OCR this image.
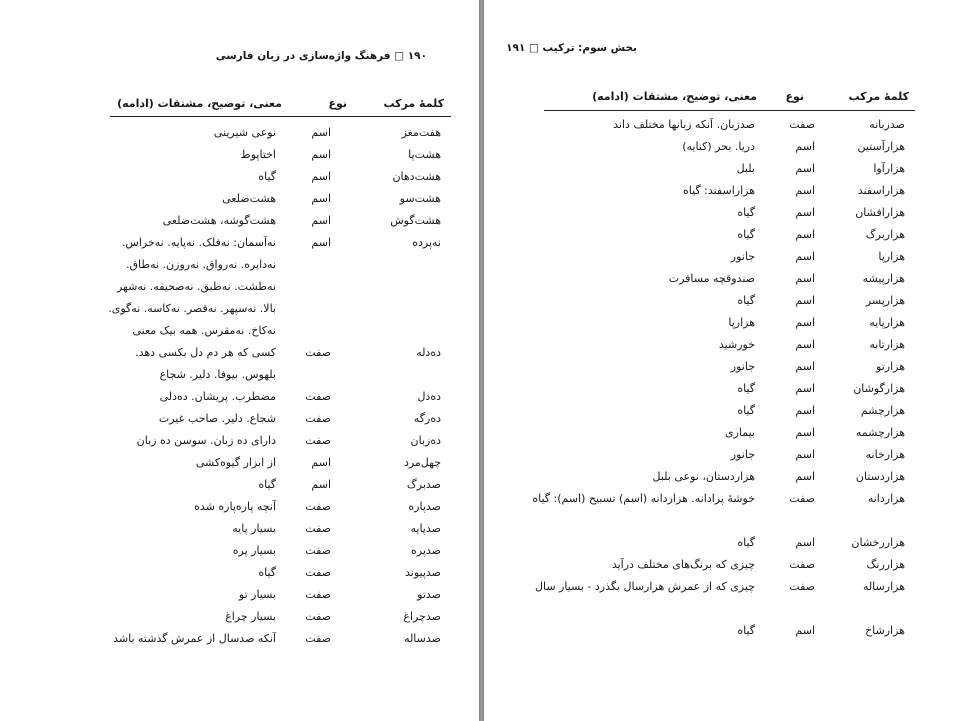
۱۹۰ □ فرهنگ واژه‌سازی در زبان فارسی
کلمهٔ مرکب
نوع
معنی، توضیح، مشتقات (ادامه)
هفت‌مغز
اسم
نوعی شیرینی
هشت‌پا
اسم
اختاپوط
هشت‌دهان
اسم
گیاه
هشت‌سو
اسم
هشت‌ضلعی
هشت‌گوش
اسم
هشت‌گوشه، هشت‌ضلعی
نه‌پرده
اسم
نه‌آسمان: نه‌فلک. نه‌پایه. نه‌خراس. نه‌دایره. نه‌رواق. نه‌روزن. نه‌طاق. نه‌طشت. نه‌طبق. نه‌صحیفه. نه‌شهر بالا. نه‌سپهر. نه‌قصر. نه‌کاسه. نه‌گوی. نه‌کاخ. نه‌مقرس. همه بیک معنی
ده‌دله
صفت
کسی که هر دم دل بکسی دهد. بلهوس. بیوفا. دلیر. شجاع
ده‌دل
صفت
مضطرب. پریشان. ده‌دلی
ده‌رگه
صفت
شجاع. دلیر. صاحب غیرت
ده‌زبان
صفت
دارای ده زبان. سوسن ده زبان
چهل‌مرد
اسم
از ابزار گیوه‌کشی
صدبرگ
اسم
گیاه
صدپاره
صفت
آنچه پاره‌پاره شده
صدپایه
صفت
بسیار پایه
صدپره
صفت
بسیار پره
صدپیوند
صفت
گیاه
صدتو
صفت
بسیار تو
صدچراغ
صفت
بسیار چراغ
صدساله
صفت
آنکه صدسال از عمرش گذشته باشد
بخش سوم: ترکیب □ ۱۹۱
کلمهٔ مرکب
نوع
معنی، توضیح، مشتقات (ادامه)
صدزبانه
صفت
صدزبان. آنکه زبانها مختلف داند
هزارآستین
اسم
دریا. بحر (کنایه)
هزارآوا
اسم
بلبل
هزاراسفند
اسم
هزاراسفند: گیاه
هزارافشان
اسم
گیاه
هزاربرگ
اسم
گیاه
هزارپا
اسم
جانور
هزارپیشه
اسم
صندوقچه مسافرت
هزارپسر
اسم
گیاه
هزارپایه
اسم
هزارپا
هزارتابه
اسم
خورشید
هزارتو
اسم
جانور
هزارگوشان
اسم
گیاه
هزارچشم
اسم
گیاه
هزارچشمه
اسم
بیماری
هزارخانه
اسم
جانور
هزاردستان
اسم
هزاردستان، نوعی بلبل
هزاردانه
صفت
خوشهٔ پرادانه. هزاردانه (اسم) تسبیح (اسم): گیاه
هزاررخشان
اسم
گیاه
هزاررنگ
صفت
چیزی که برنگ‌های مختلف درآید
هزارساله
صفت
چیزی که از عمرش هزارسال بگذرد - بسیار سال
هزارشاخ
اسم
گیاه
